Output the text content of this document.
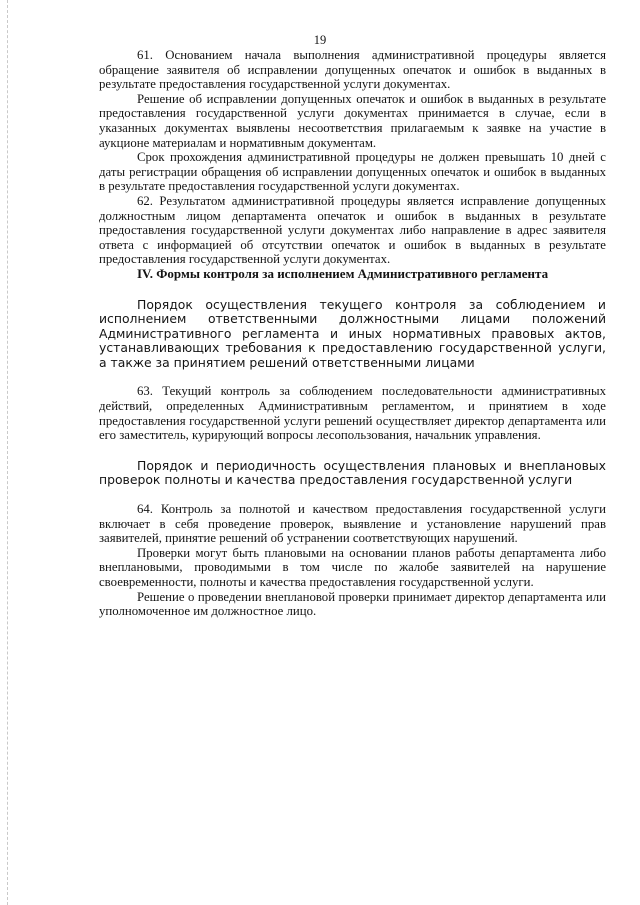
19

61. Основанием начала выполнения административной процедуры является обращение заявителя об исправлении допущенных опечаток и ошибок в выданных в результате предоставления государственной услуги документах.

Решение об исправлении допущенных опечаток и ошибок в выданных в результате предоставления государственной услуги документах принимается в случае, если в указанных документах выявлены несоответствия прилагаемым к заявке на участие в аукционе материалам и нормативным документам.

Срок прохождения административной процедуры не должен превышать 10 дней с даты регистрации обращения об исправлении допущенных опечаток и ошибок в выданных в результате предоставления государственной услуги документах.

62. Результатом административной процедуры является исправление допущенных должностным лицом департамента опечаток и ошибок в выданных в результате предоставления государственной услуги документах либо направление в адрес заявителя ответа с информацией об отсутствии опечаток и ошибок в выданных в результате предоставления государственной услуги документах.

IV. Формы контроля за исполнением Административного регламента

Порядок осуществления текущего контроля за соблюдением и исполнением ответственными должностными лицами положений Административного регламента и иных нормативных правовых актов, устанавливающих требования к предоставлению государственной услуги, а также за принятием решений ответственными лицами

63. Текущий контроль за соблюдением последовательности административных действий, определенных Административным регламентом, и принятием в ходе предоставления государственной услуги решений осуществляет директор департамента или его заместитель, курирующий вопросы лесопользования, начальник управления.

Порядок и периодичность осуществления плановых и внеплановых проверок полноты и качества предоставления государственной услуги

64. Контроль за полнотой и качеством предоставления государственной услуги включает в себя проведение проверок, выявление и установление нарушений прав заявителей, принятие решений об устранении соответствующих нарушений.

Проверки могут быть плановыми на основании планов работы департамента либо внеплановыми, проводимыми в том числе по жалобе заявителей на нарушение своевременности, полноты и качества предоставления государственной услуги.

Решение о проведении внеплановой проверки принимает директор департамента или уполномоченное им должностное лицо.
